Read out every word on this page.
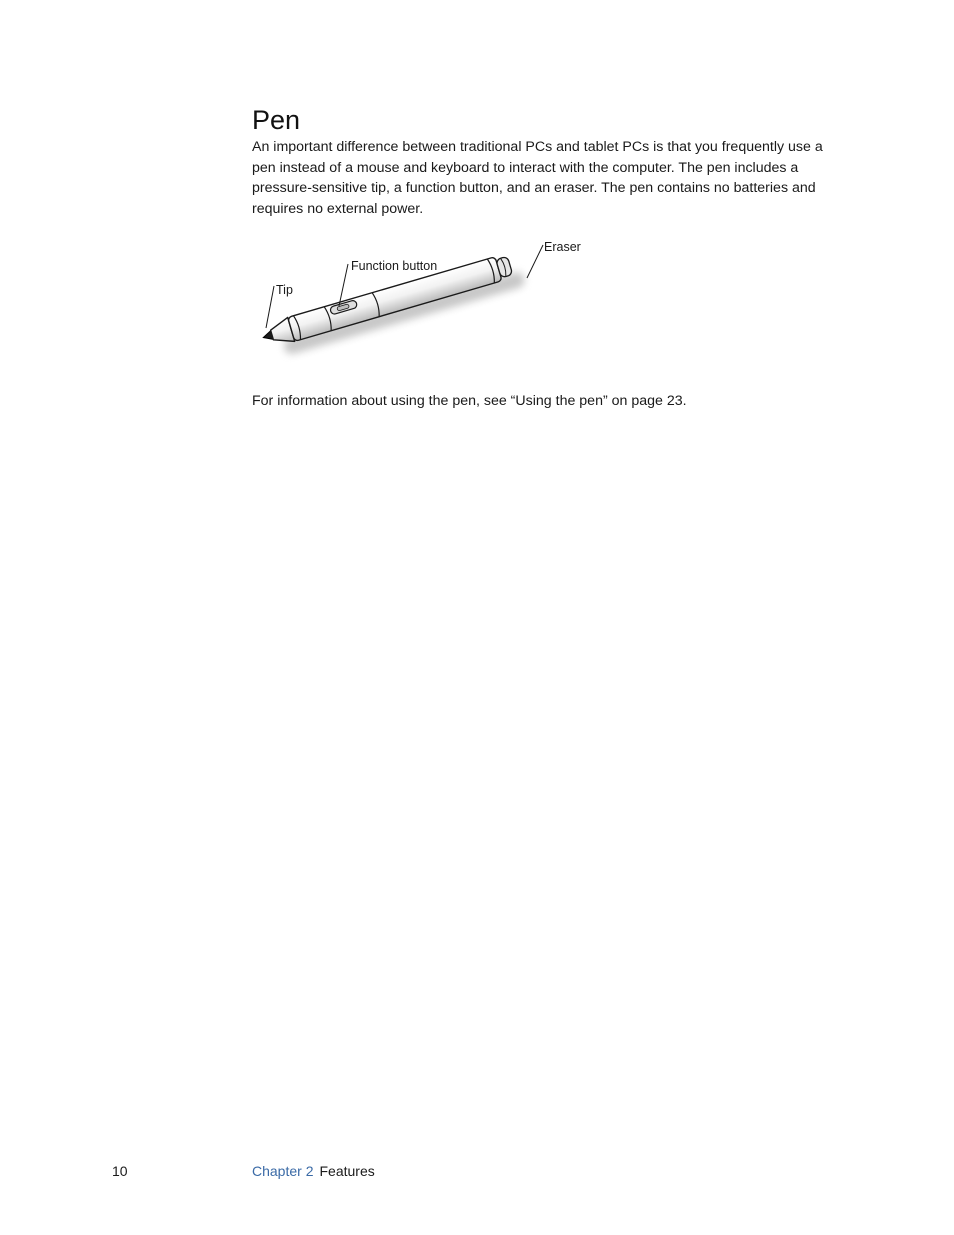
Pen

An important difference between traditional PCs and tablet PCs is that you frequently use a pen instead of a mouse and keyboard to interact with the computer. The pen includes a pressure-sensitive tip, a function button, and an eraser. The pen contains no batteries and requires no external power.

Tip
Function button
Eraser

For information about using the pen, see “Using the pen” on page 23.

10	Chapter 2 Features
